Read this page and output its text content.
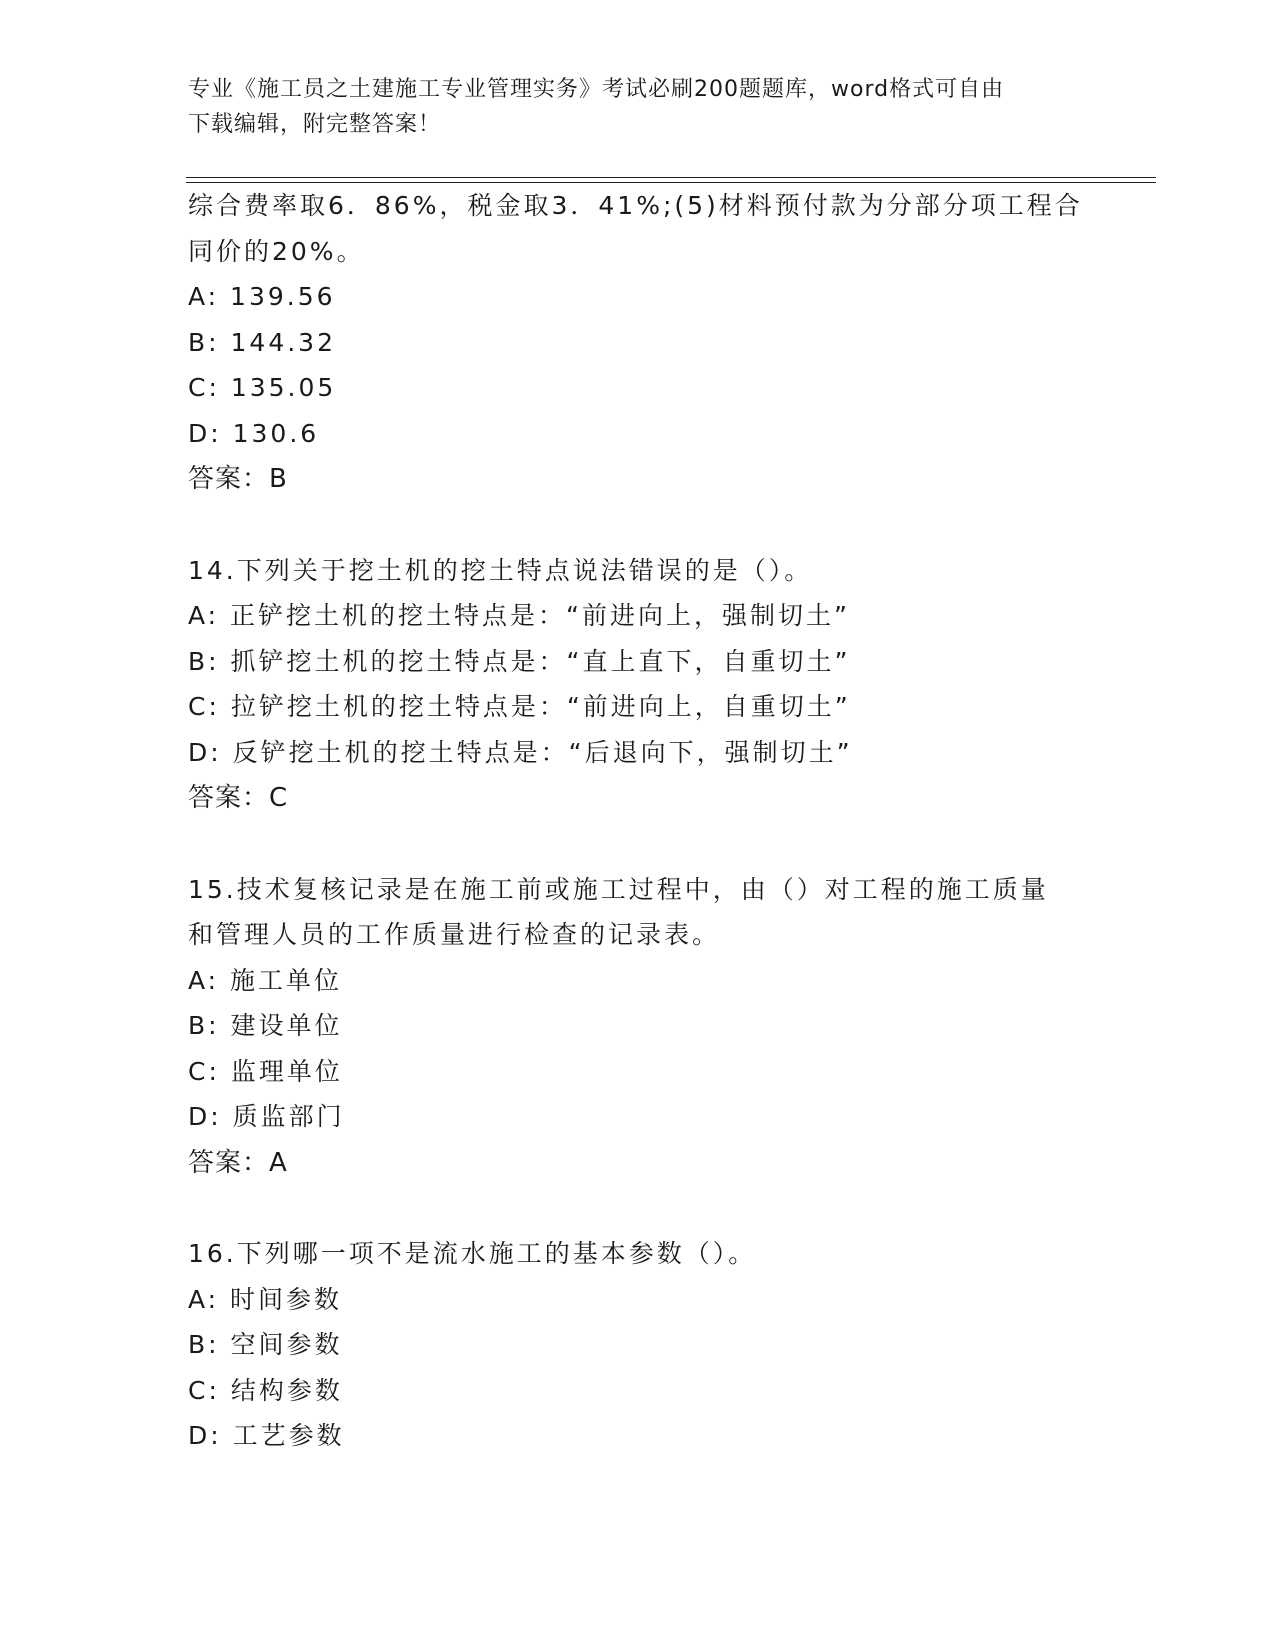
专业《施工员之土建施工专业管理实务》考试必刷200题题库，word格式可自由
下载编辑，附完整答案！
综合费率取6．86%，税金取3．41%;(5)材料预付款为分部分项工程合
同价的20%。
A: 139.56
B: 144.32
C: 135.05
D: 130.6
答案：B
14.下列关于挖土机的挖土特点说法错误的是（）。
A: 正铲挖土机的挖土特点是：“前进向上，强制切土”
B: 抓铲挖土机的挖土特点是：“直上直下，自重切土”
C: 拉铲挖土机的挖土特点是：“前进向上，自重切土”
D: 反铲挖土机的挖土特点是：“后退向下，强制切土”
答案：C
15.技术复核记录是在施工前或施工过程中，由（）对工程的施工质量
和管理人员的工作质量进行检查的记录表。
A: 施工单位
B: 建设单位
C: 监理单位
D: 质监部门
答案：A
16.下列哪一项不是流水施工的基本参数（）。
A: 时间参数
B: 空间参数
C: 结构参数
D: 工艺参数
